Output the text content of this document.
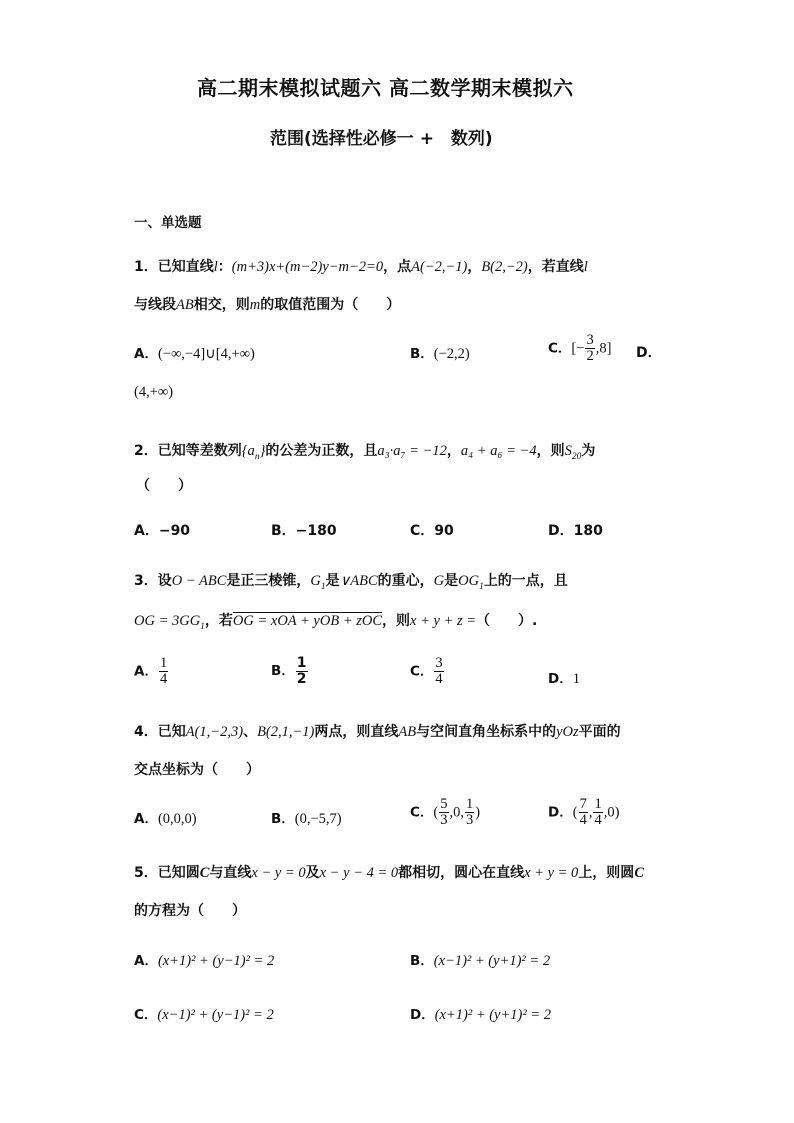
高二期末模拟试题六 高二数学期末模拟六
范围(选择性必修一 +　数列)
一、单选题
1．已知直线l：(m+3)x+(m−2)y−m−2=0，点A(−2,−1)，B(2,−2)，若直线l
与线段AB相交，则m的取值范围为（　　）
A．(−∞,−4]∪[4,+∞)	B．(−2,2)	C．[− $\frac{3}{2} ,8$] D．
(4,+∞)
2．已知等差数列$\{a_n\}$的公差为正数，且a₃·a₇ = −12，a₄ + a₆ = −4，则$S_{20}$为
（　　）
A．−90	B．−180	C．90	D．180
3．设O − ABC是正三棱锥，$G_1$是∨ABC的重心，G是$OG_1$上的一点，且
OG = $3GG_1$，若OG = xOA + yOB + zOC，则x + y + z =（　　）.
A． $\frac{1}{4}$	B． $\frac{1}{2}$	C． $\frac{3}{4}$	D．1
4．已知A(1,−2,3)、B(2,1,−1)两点，则直线AB与空间直角坐标系中的yOz平面的
交点坐标为（　　）
A．(0,0,0)	B．(0,−5,7)	C．( $\frac{5}{3} ,0$, $\frac{1}{3}$ )	D．( $\frac{7}{4}$ , $\frac{1}{4} ,0$)
5．已知圆C与直线x − y = 0及x − y − 4 = 0都相切，圆心在直线x + y = 0上，则圆C
的方程为（　　）
A．(x+1)² + (y−1)² = 2	B．(x−1)² + (y+1)² = 2
C．(x−1)² + (y−1)² = 2	D．(x+1)² + (y+1)² = 2
